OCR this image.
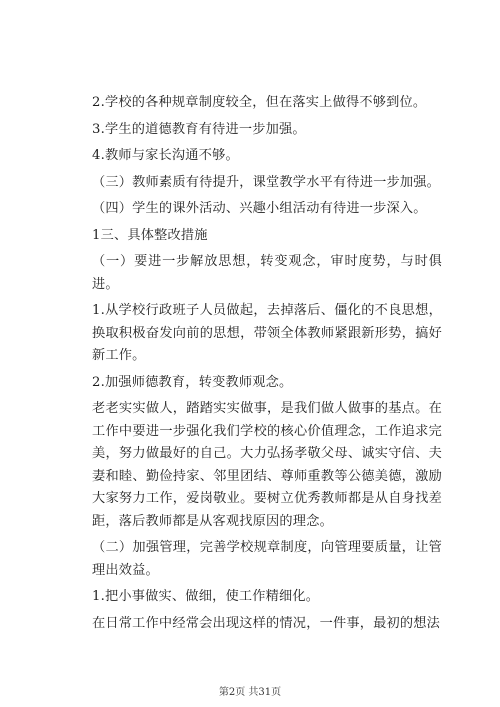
2.学校的各种规章制度较全，但在落实上做得不够到位。

3.学生的道德教育有待进一步加强。

4.教师与家长沟通不够。

（三）教师素质有待提升，课堂教学水平有待进一步加强。

（四）学生的课外活动、兴趣小组活动有待进一步深入。

1三、具体整改措施

（一）要进一步解放思想，转变观念，审时度势，与时俱进。

1.从学校行政班子人员做起，去掉落后、僵化的不良思想，换取积极奋发向前的思想，带领全体教师紧跟新形势，搞好新工作。

2.加强师德教育，转变教师观念。

老老实实做人，踏踏实实做事，是我们做人做事的基点。在工作中要进一步强化我们学校的核心价值理念，工作追求完美，努力做最好的自己。大力弘扬孝敬父母、诚实守信、夫妻和睦、勤俭持家、邻里团结、尊师重教等公德美德，激励大家努力工作，爱岗敬业。要树立优秀教师都是从自身找差距，落后教师都是从客观找原因的理念。

（二）加强管理，完善学校规章制度，向管理要质量，让管理出效益。

1.把小事做实、做细，使工作精细化。

在日常工作中经常会出现这样的情况，一件事，最初的想法

第2页 共31页
